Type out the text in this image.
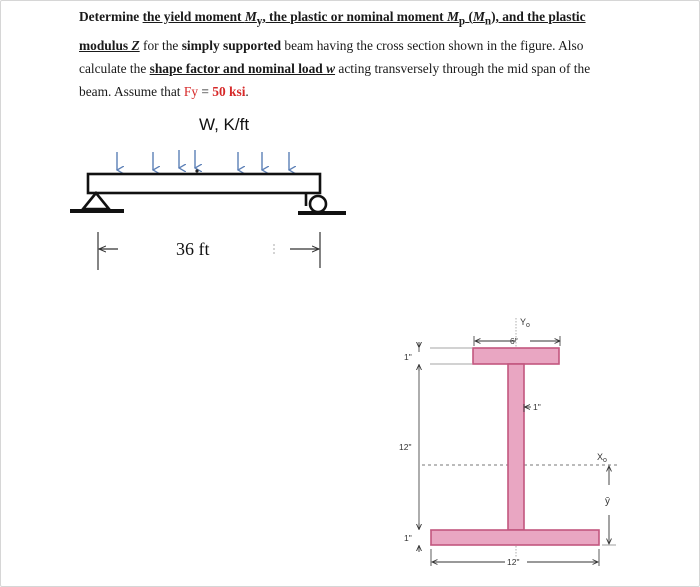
Determine the yield moment $M_y$, the plastic or nominal moment $M_p$ $(M_n)$, and the plastic
modulus Z for the simply supported beam having the cross section shown in the figure. Also
calculate the shape factor and nominal load w acting transversely through the mid span of the
beam. Assume that Fy = 50 ksi.
W, K/ft
36 ft
$Y_o$
$X_o$
6"
1"
1"
12"
1"
12"
ȳ
